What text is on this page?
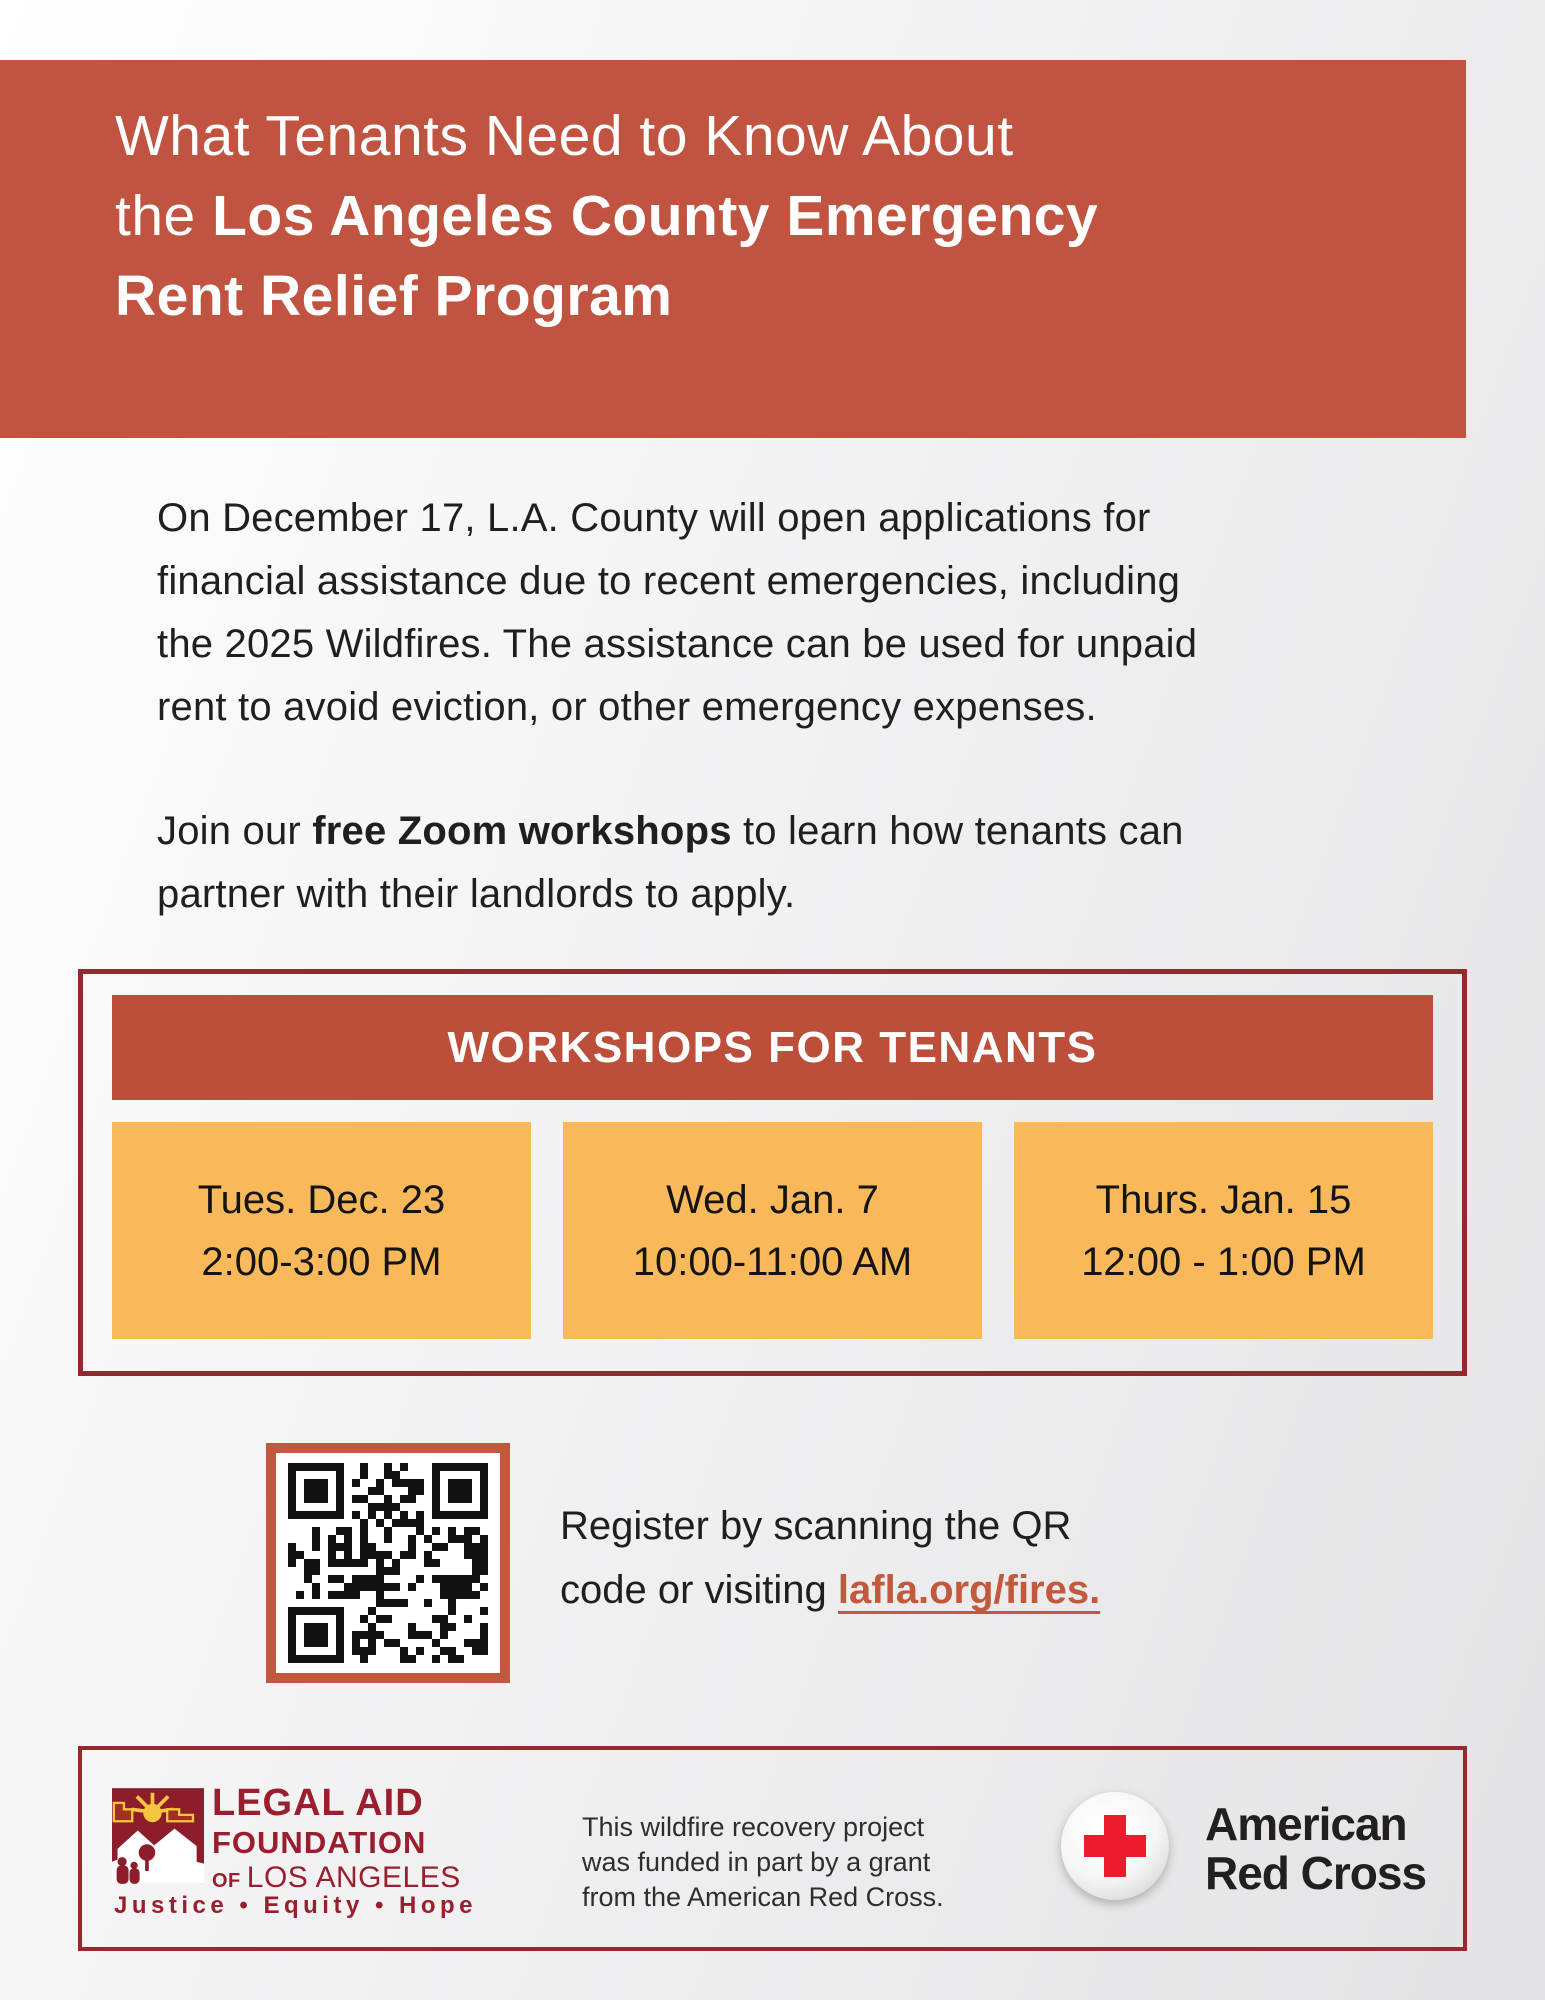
What Tenants Need to Know About
the Los Angeles County Emergency
Rent Relief Program
On December 17, L.A. County will open applications for
financial assistance due to recent emergencies, including
the 2025 Wildfires. The assistance can be used for unpaid
rent to avoid eviction, or other emergency expenses.
Join our free Zoom workshops to learn how tenants can
partner with their landlords to apply.
WORKSHOPS FOR TENANTS
Tues. Dec. 23
2:00-3:00 PM
Wed. Jan. 7
10:00-11:00 AM
Thurs. Jan. 15
12:00 - 1:00 PM
Register by scanning the QR
code or visiting lafla.org/fires.
LEGAL AID
FOUNDATION
OF LOS ANGELES
Justice • Equity • Hope
This wildfire recovery project
was funded in part by a grant
from the American Red Cross.
American
Red Cross
